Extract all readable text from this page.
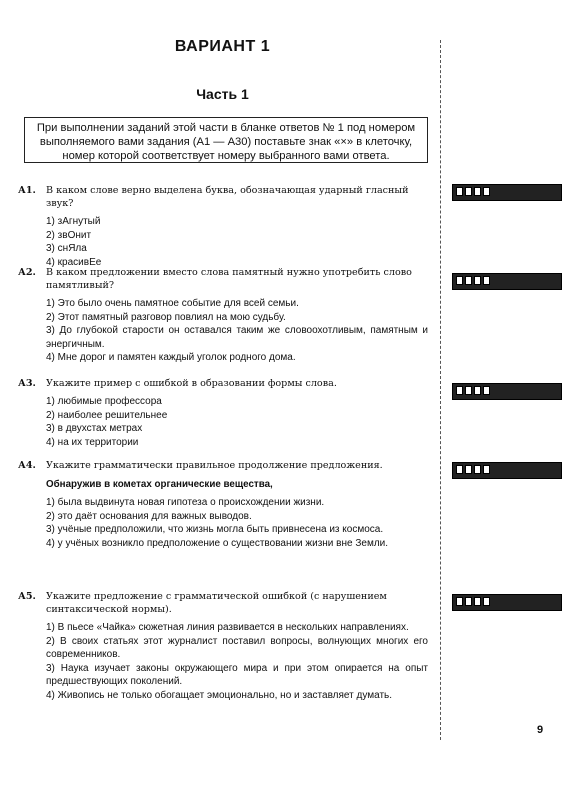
ВАРИАНТ 1
Часть 1
При выполнении заданий этой части в бланке ответов № 1 под номером выполняемого вами задания (А1 — А30) поставьте знак «×» в клеточку, номер которой соответствует номеру выбранного вами ответа.
А1.	В каком слове верно выделена буква, обозначающая ударный гласный звук?
1) зАгнутый
2) звОнит
3) снЯла
4) красивЕе
А2.	В каком предложении вместо слова памятный нужно употребить слово памятливый?
1) Это было очень памятное событие для всей семьи.
2) Этот памятный разговор повлиял на мою судьбу.
3) До глубокой старости он оставался таким же словоохотливым, памятным и энергичным.
4) Мне дорог и памятен каждый уголок родного дома.
А3.	Укажите пример с ошибкой в образовании формы слова.
1) любимые профессора
2) наиболее решительнее
3) в двухстах метрах
4) на их территории
А4.	Укажите грамматически правильное продолжение предложения.
Обнаружив в кометах органические вещества,
1) была выдвинута новая гипотеза о происхождении жизни.
2) это даёт основания для важных выводов.
3) учёные предположили, что жизнь могла быть привнесена из космоса.
4) у учёных возникло предположение о существовании жизни вне Земли.
А5.	Укажите предложение с грамматической ошибкой (с нарушением синтаксической нормы).
1) В пьесе «Чайка» сюжетная линия развивается в нескольких направлениях.
2) В своих статьях этот журналист поставил вопросы, волнующих многих его современников.
3) Наука изучает законы окружающего мира и при этом опирается на опыт предшествующих поколений.
4) Живопись не только обогащает эмоционально, но и заставляет думать.
9
